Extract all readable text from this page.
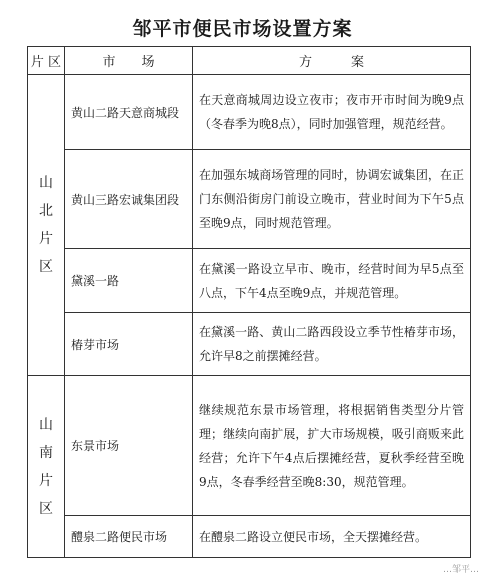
邹平市便民市场设置方案
片 区	市　　场	方　　　案

山
北
片
区	黄山二路天意商城段	在天意商城周边设立夜市；夜市开市时间为晚9点（冬春季为晚8点），同时加强管理，规范经营。
	黄山三路宏诚集团段	在加强东城商场管理的同时，协调宏诚集团，在正门东侧沿街房门前设立晚市，营业时间为下午5点至晚9点，同时规范管理。
	黛溪一路	在黛溪一路设立早市、晚市，经营时间为早5点至八点，下午4点至晚9点，并规范管理。
	椿芽市场	在黛溪一路、黄山二路西段设立季节性椿芽市场，允许早8之前摆摊经营。

山
南
片
区	东景市场	继续规范东景市场管理，将根据销售类型分片管理；继续向南扩展，扩大市场规模，吸引商贩来此经营；允许下午4点后摆摊经营，夏秋季经营至晚9点，冬春季经营至晚8:30，规范管理。
	醴泉二路便民市场	在醴泉二路设立便民市场，全天摆摊经营。
…邹平…
